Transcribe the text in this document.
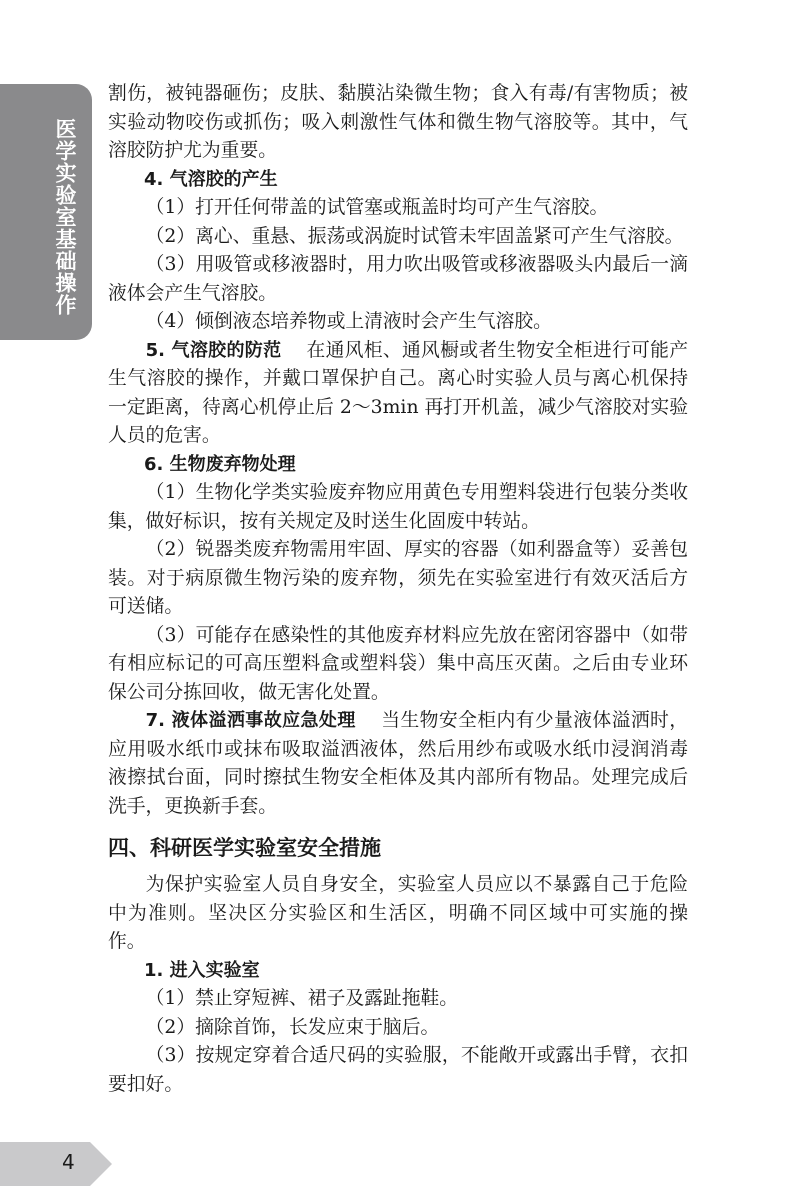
医学实验室基础操作

割伤，被钝器砸伤；皮肤、黏膜沾染微生物；食入有毒/有害物质；被实验动物咬伤或抓伤；吸入刺激性气体和微生物气溶胶等。其中，气溶胶防护尤为重要。

4. 气溶胶的产生

（1）打开任何带盖的试管塞或瓶盖时均可产生气溶胶。

（2）离心、重悬、振荡或涡旋时试管未牢固盖紧可产生气溶胶。

（3）用吸管或移液器时，用力吹出吸管或移液器吸头内最后一滴液体会产生气溶胶。

（4）倾倒液态培养物或上清液时会产生气溶胶。

5. 气溶胶的防范 在通风柜、通风橱或者生物安全柜进行可能产生气溶胶的操作，并戴口罩保护自己。离心时实验人员与离心机保持一定距离，待离心机停止后 2～3min 再打开机盖，减少气溶胶对实验人员的危害。

6. 生物废弃物处理

（1）生物化学类实验废弃物应用黄色专用塑料袋进行包装分类收集，做好标识，按有关规定及时送生化固废中转站。

（2）锐器类废弃物需用牢固、厚实的容器（如利器盒等）妥善包装。对于病原微生物污染的废弃物，须先在实验室进行有效灭活后方可送储。

（3）可能存在感染性的其他废弃材料应先放在密闭容器中（如带有相应标记的可高压塑料盒或塑料袋）集中高压灭菌。之后由专业环保公司分拣回收，做无害化处置。

7. 液体溢洒事故应急处理 当生物安全柜内有少量液体溢洒时，应用吸水纸巾或抹布吸取溢洒液体，然后用纱布或吸水纸巾浸润消毒液擦拭台面，同时擦拭生物安全柜体及其内部所有物品。处理完成后洗手，更换新手套。

四、科研医学实验室安全措施

为保护实验室人员自身安全，实验室人员应以不暴露自己于危险中为准则。坚决区分实验区和生活区，明确不同区域中可实施的操作。

1. 进入实验室

（1）禁止穿短裤、裙子及露趾拖鞋。

（2）摘除首饰，长发应束于脑后。

（3）按规定穿着合适尺码的实验服，不能敞开或露出手臂，衣扣要扣好。

4
